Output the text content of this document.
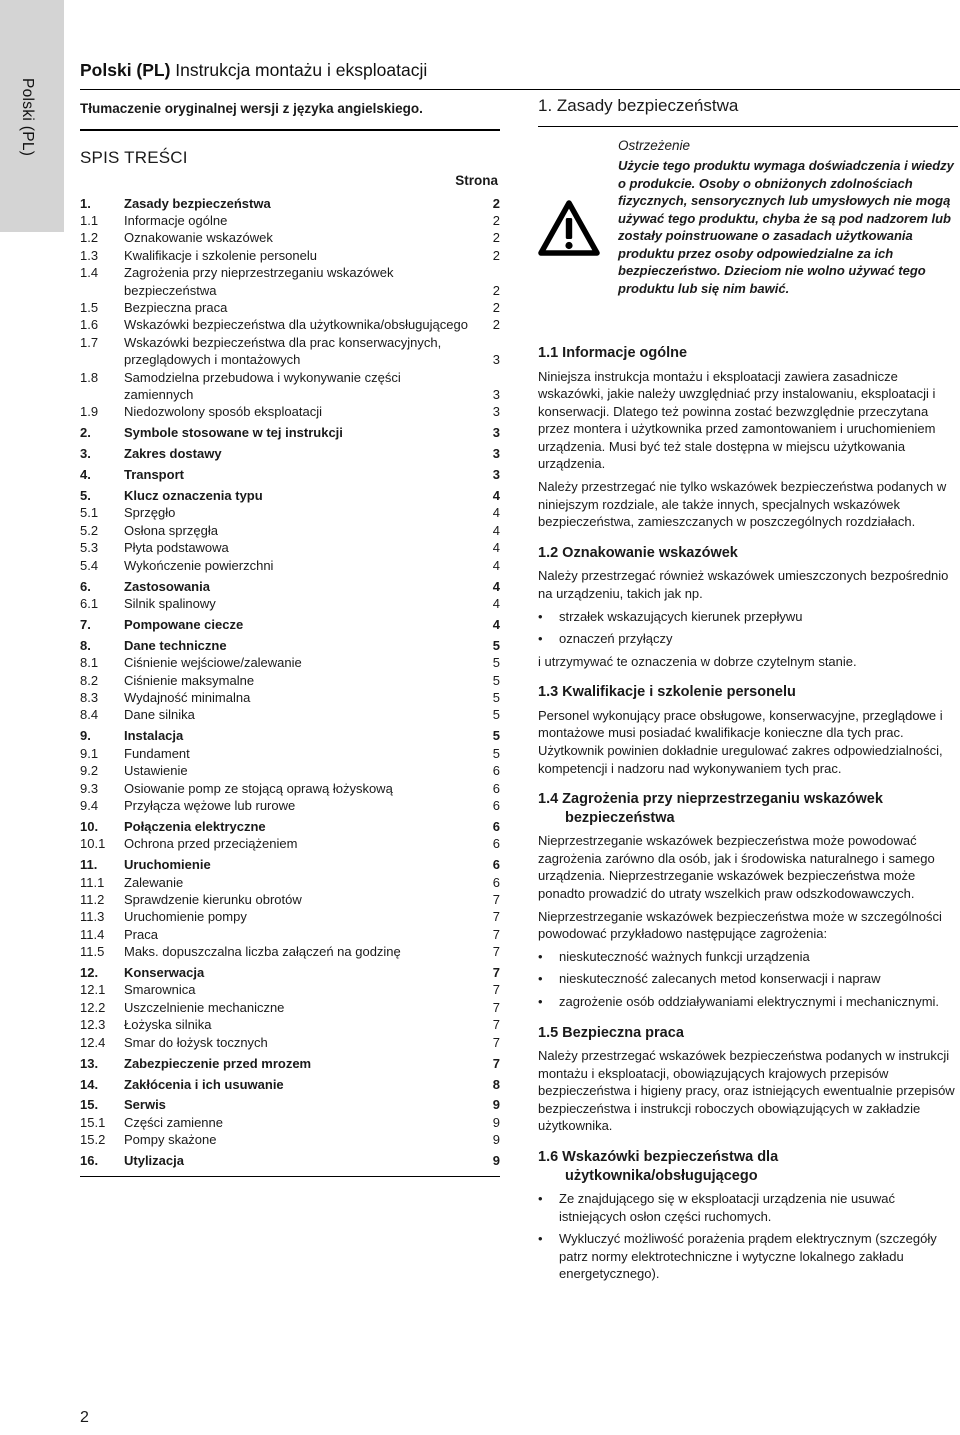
Polski (PL)
Polski (PL) Instrukcja montażu i eksploatacji
Tłumaczenie oryginalnej wersji z języka angielskiego.
SPIS TREŚCI
Strona
1.	Zasady bezpieczeństwa	2
1.1	Informacje ogólne	2
1.2	Oznakowanie wskazówek	2
1.3	Kwalifikacje i szkolenie personelu	2
1.4	Zagrożenia przy nieprzestrzeganiu wskazówek bezpieczeństwa	2
1.5	Bezpieczna praca	2
1.6	Wskazówki bezpieczeństwa dla użytkownika/obsługującego	2
1.7	Wskazówki bezpieczeństwa dla prac konserwacyjnych, przeglądowych i montażowych	3
1.8	Samodzielna przebudowa i wykonywanie części zamiennych	3
1.9	Niedozwolony sposób eksploatacji	3
2.	Symbole stosowane w tej instrukcji	3
3.	Zakres dostawy	3
4.	Transport	3
5.	Klucz oznaczenia typu	4
5.1	Sprzęgło	4
5.2	Osłona sprzęgła	4
5.3	Płyta podstawowa	4
5.4	Wykończenie powierzchni	4
6.	Zastosowania	4
6.1	Silnik spalinowy	4
7.	Pompowane ciecze	4
8.	Dane techniczne	5
8.1	Ciśnienie wejściowe/zalewanie	5
8.2	Ciśnienie maksymalne	5
8.3	Wydajność minimalna	5
8.4	Dane silnika	5
9.	Instalacja	5
9.1	Fundament	5
9.2	Ustawienie	6
9.3	Osiowanie pomp ze stojącą oprawą łożyskową	6
9.4	Przyłącza wężowe lub rurowe	6
10.	Połączenia elektryczne	6
10.1	Ochrona przed przeciążeniem	6
11.	Uruchomienie	6
11.1	Zalewanie	6
11.2	Sprawdzenie kierunku obrotów	7
11.3	Uruchomienie pompy	7
11.4	Praca	7
11.5	Maks. dopuszczalna liczba załączeń na godzinę	7
12.	Konserwacja	7
12.1	Smarownica	7
12.2	Uszczelnienie mechaniczne	7
12.3	Łożyska silnika	7
12.4	Smar do łożysk tocznych	7
13.	Zabezpieczenie przed mrozem	7
14.	Zakłócenia i ich usuwanie	8
15.	Serwis	9
15.1	Części zamienne	9
15.2	Pompy skażone	9
16.	Utylizacja	9
1. Zasady bezpieczeństwa
Ostrzeżenie
Użycie tego produktu wymaga doświadczenia i wiedzy o produkcie. Osoby o obniżonych zdolnościach fizycznych, sensorycznych lub umysłowych nie mogą używać tego produktu, chyba że są pod nadzorem lub zostały poinstruowane o zasadach użytkowania produktu przez osoby odpowiedzialne za ich bezpieczeństwo. Dzieciom nie wolno używać tego produktu lub się nim bawić.
1.1 Informacje ogólne
Niniejsza instrukcja montażu i eksploatacji zawiera zasadnicze wskazówki, jakie należy uwzględniać przy instalowaniu, eksploatacji i konserwacji. Dlatego też powinna zostać bezwzględnie przeczytana przez montera i użytkownika przed zamontowaniem i uruchomieniem urządzenia. Musi być też stale dostępna w miejscu użytkowania urządzenia.
Należy przestrzegać nie tylko wskazówek bezpieczeństwa podanych w niniejszym rozdziale, ale także innych, specjalnych wskazówek bezpieczeństwa, zamieszczanych w poszczególnych rozdziałach.
1.2 Oznakowanie wskazówek
Należy przestrzegać również wskazówek umieszczonych bezpośrednio na urządzeniu, takich jak np.
• strzałek wskazujących kierunek przepływu
• oznaczeń przyłączy
i utrzymywać te oznaczenia w dobrze czytelnym stanie.
1.3 Kwalifikacje i szkolenie personelu
Personel wykonujący prace obsługowe, konserwacyjne, przeglądowe i montażowe musi posiadać kwalifikacje konieczne dla tych prac. Użytkownik powinien dokładnie uregulować zakres odpowiedzialności, kompetencji i nadzoru nad wykonywaniem tych prac.
1.4 Zagrożenia przy nieprzestrzeganiu wskazówek
bezpieczeństwa
Nieprzestrzeganie wskazówek bezpieczeństwa może powodować zagrożenia zarówno dla osób, jak i środowiska naturalnego i samego urządzenia. Nieprzestrzeganie wskazówek bezpieczeństwa może ponadto prowadzić do utraty wszelkich praw odszkodowawczych.
Nieprzestrzeganie wskazówek bezpieczeństwa może w szczególności powodować przykładowo następujące zagrożenia:
• nieskuteczność ważnych funkcji urządzenia
• nieskuteczność zalecanych metod konserwacji i napraw
• zagrożenie osób oddziaływaniami elektrycznymi i mechanicznymi.
1.5 Bezpieczna praca
Należy przestrzegać wskazówek bezpieczeństwa podanych w instrukcji montażu i eksploatacji, obowiązujących krajowych przepisów bezpieczeństwa i higieny pracy, oraz istniejących ewentualnie przepisów bezpieczeństwa i instrukcji roboczych obowiązujących w zakładzie użytkownika.
1.6 Wskazówki bezpieczeństwa dla
użytkownika/obsługującego
• Ze znajdującego się w eksploatacji urządzenia nie usuwać istniejących osłon części ruchomych.
• Wykluczyć możliwość porażenia prądem elektrycznym (szczegóły patrz normy elektrotechniczne i wytyczne lokalnego zakładu energetycznego).
2
